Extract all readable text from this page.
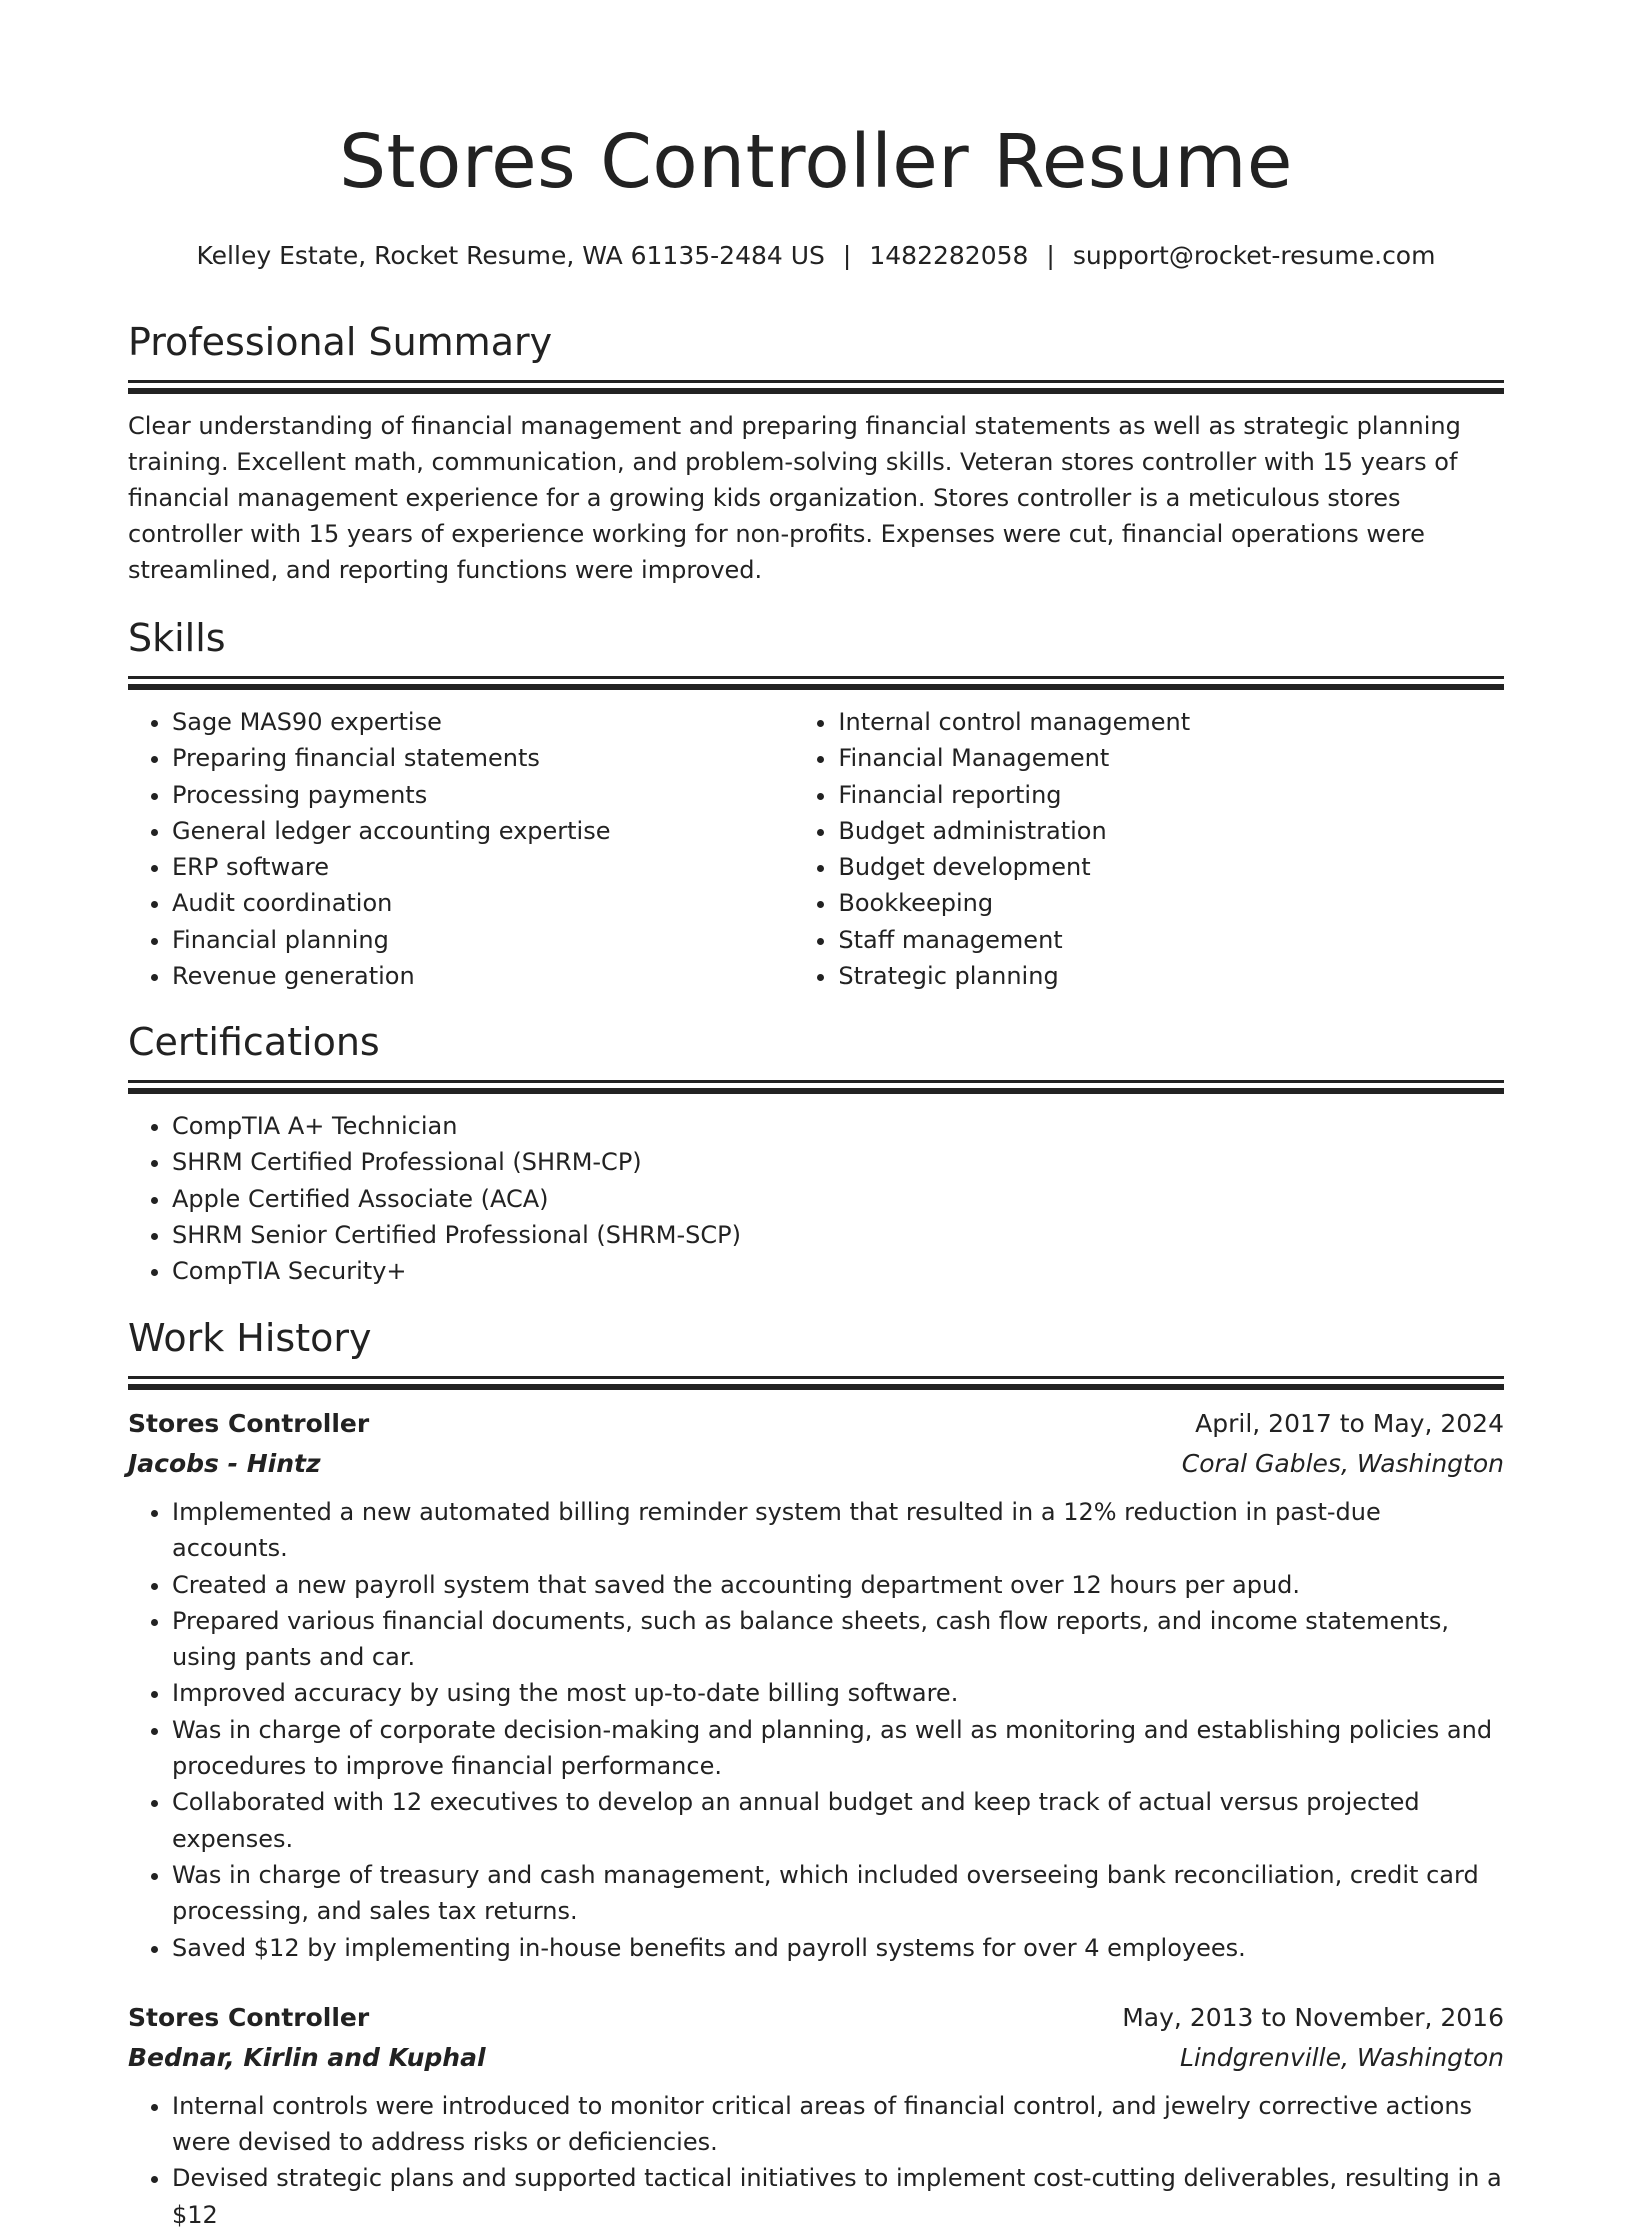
Stores Controller Resume
Kelley Estate, Rocket Resume, WA 61135-2484 US | 1482282058 | support@rocket-resume.com
Professional Summary
Clear understanding of financial management and preparing financial statements as well as strategic planning training. Excellent math, communication, and problem-solving skills. Veteran stores controller with 15 years of financial management experience for a growing kids organization. Stores controller is a meticulous stores controller with 15 years of experience working for non-profits. Expenses were cut, financial operations were streamlined, and reporting functions were improved.
Skills
• Sage MAS90 expertise
• Preparing financial statements
• Processing payments
• General ledger accounting expertise
• ERP software
• Audit coordination
• Financial planning
• Revenue generation
• Internal control management
• Financial Management
• Financial reporting
• Budget administration
• Budget development
• Bookkeeping
• Staff management
• Strategic planning
Certifications
• CompTIA A+ Technician
• SHRM Certified Professional (SHRM-CP)
• Apple Certified Associate (ACA)
• SHRM Senior Certified Professional (SHRM-SCP)
• CompTIA Security+
Work History
Stores Controller	April, 2017 to May, 2024
Jacobs - Hintz	Coral Gables, Washington
• Implemented a new automated billing reminder system that resulted in a 12% reduction in past-due accounts.
• Created a new payroll system that saved the accounting department over 12 hours per apud.
• Prepared various financial documents, such as balance sheets, cash flow reports, and income statements, using pants and car.
• Improved accuracy by using the most up-to-date billing software.
• Was in charge of corporate decision-making and planning, as well as monitoring and establishing policies and procedures to improve financial performance.
• Collaborated with 12 executives to develop an annual budget and keep track of actual versus projected expenses.
• Was in charge of treasury and cash management, which included overseeing bank reconciliation, credit card processing, and sales tax returns.
• Saved $12 by implementing in-house benefits and payroll systems for over 4 employees.
Stores Controller	May, 2013 to November, 2016
Bednar, Kirlin and Kuphal	Lindgrenville, Washington
• Internal controls were introduced to monitor critical areas of financial control, and jewelry corrective actions were devised to address risks or deficiencies.
• Devised strategic plans and supported tactical initiatives to implement cost-cutting deliverables, resulting in a $12
